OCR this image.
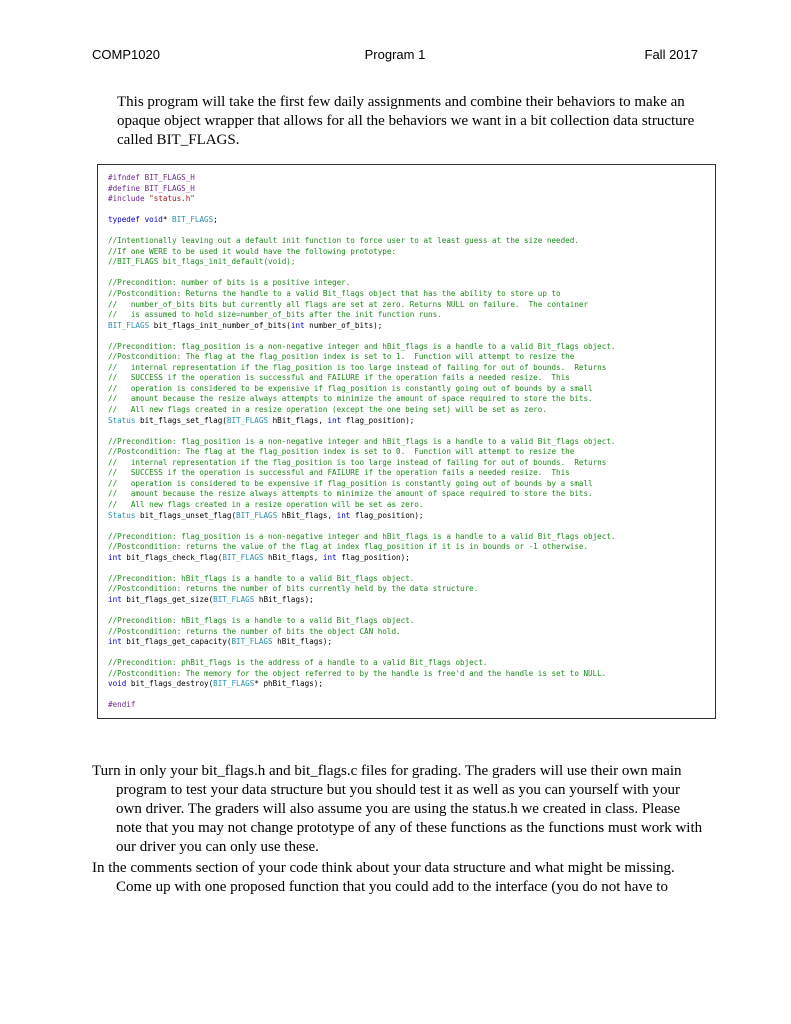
COMP1020	Program 1	Fall 2017
This program will take the first few daily assignments and combine their behaviors to make an opaque object wrapper that allows for all the behaviors we want in a bit collection data structure called BIT_FLAGS.
#ifndef BIT_FLAGS_H
#define BIT_FLAGS_H
#include "status.h"
typedef void* BIT_FLAGS;
//Intentionally leaving out a default init function to force user to at least guess at the size needed.
//If one WERE to be used it would have the following prototype:
//BIT_FLAGS bit_flags_init_default(void);
//Precondition: number of bits is a positive integer.
//Postcondition: Returns the handle to a valid Bit_flags object that has the ability to store up to
//   number_of_bits bits but currently all flags are set at zero. Returns NULL on failure.  The container
//   is assumed to hold size=number_of_bits after the init function runs.
BIT_FLAGS bit_flags_init_number_of_bits(int number_of_bits);
//Precondition: flag_position is a non-negative integer and hBit_flags is a handle to a valid Bit_flags object.
//Postcondition: The flag at the flag_position index is set to 1.  Function will attempt to resize the
//   internal representation if the flag_position is too large instead of failing for out of bounds.  Returns
//   SUCCESS if the operation is successful and FAILURE if the operation fails a needed resize.  This
//   operation is considered to be expensive if flag_position is constantly going out of bounds by a small
//   amount because the resize always attempts to minimize the amount of space required to store the bits.
//   All new flags created in a resize operation (except the one being set) will be set as zero.
Status bit_flags_set_flag(BIT_FLAGS hBit_flags, int flag_position);
//Precondition: flag_position is a non-negative integer and hBit_flags is a handle to a valid Bit_flags object.
//Postcondition: The flag at the flag_position index is set to 0.  Function will attempt to resize the
//   internal representation if the flag_position is too large instead of failing for out of bounds.  Returns
//   SUCCESS if the operation is successful and FAILURE if the operation fails a needed resize.  This
//   operation is considered to be expensive if flag_position is constantly going out of bounds by a small
//   amount because the resize always attempts to minimize the amount of space required to store the bits.
//   All new flags created in a resize operation will be set as zero.
Status bit_flags_unset_flag(BIT_FLAGS hBit_flags, int flag_position);
//Precondition: flag_position is a non-negative integer and hBit_flags is a handle to a valid Bit_flags object.
//Postcondition: returns the value of the flag at index flag_position if it is in bounds or -1 otherwise.
int bit_flags_check_flag(BIT_FLAGS hBit_flags, int flag_position);
//Precondition: hBit_flags is a handle to a valid Bit_flags object.
//Postcondition: returns the number of bits currently held by the data structure.
int bit_flags_get_size(BIT_FLAGS hBit_flags);
//Precondition: hBit_flags is a handle to a valid Bit_flags object.
//Postcondition: returns the number of bits the object CAN hold.
int bit_flags_get_capacity(BIT_FLAGS hBit_flags);
//Precondition: phBit_flags is the address of a handle to a valid Bit_flags object.
//Postcondition: The memory for the object referred to by the handle is free'd and the handle is set to NULL.
void bit_flags_destroy(BIT_FLAGS* phBit_flags);
#endif
Turn in only your bit_flags.h and bit_flags.c files for grading. The graders will use their own main program to test your data structure but you should test it as well as you can yourself with your own driver. The graders will also assume you are using the status.h we created in class. Please note that you may not change prototype of any of these functions as the functions must work with our driver you can only use these.
In the comments section of your code think about your data structure and what might be missing. Come up with one proposed function that you could add to the interface (you do not have to
